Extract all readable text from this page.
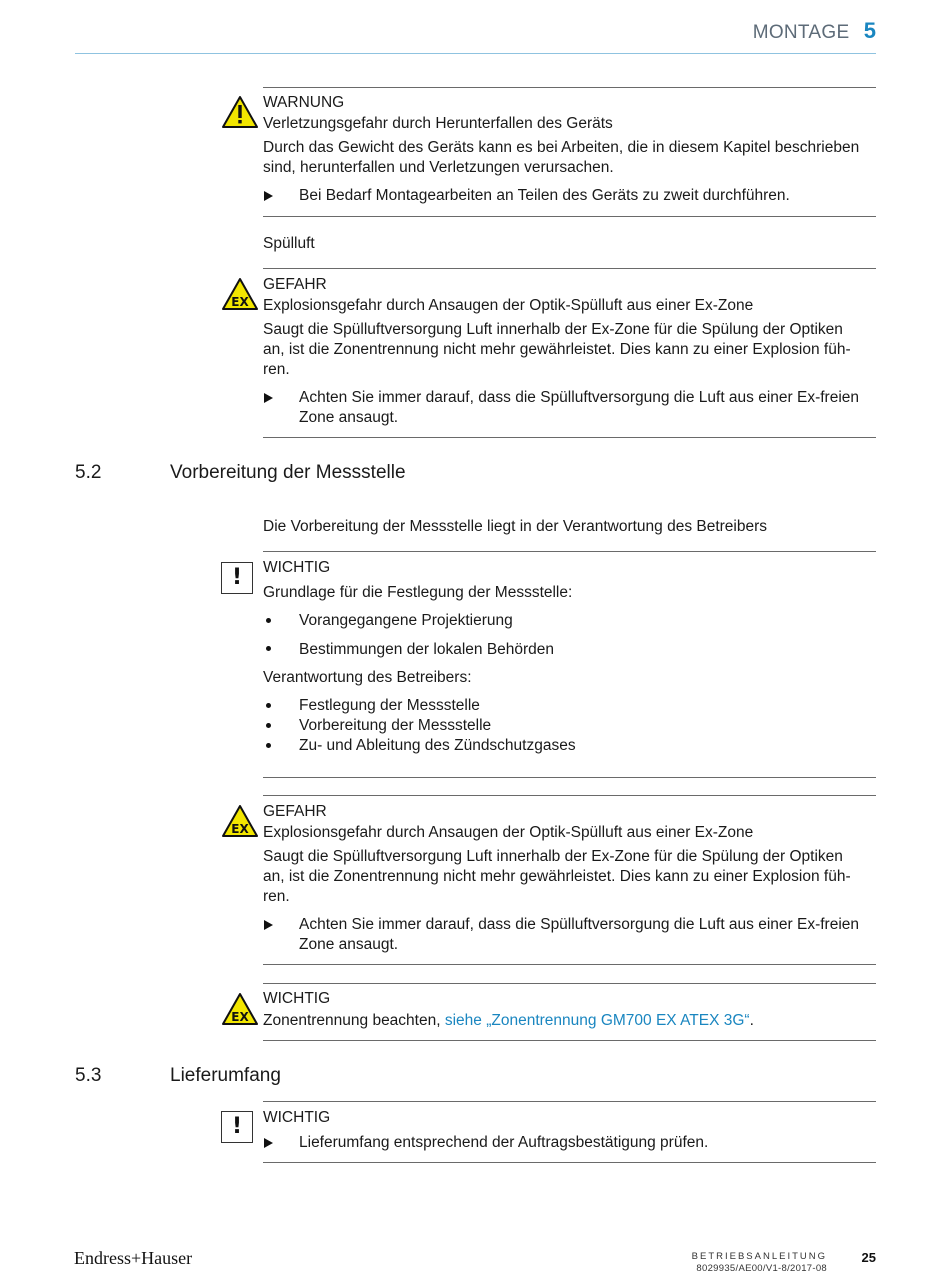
MONTAGE 5
WARNUNG
Verletzungsgefahr durch Herunterfallen des Geräts
Durch das Gewicht des Geräts kann es bei Arbeiten, die in diesem Kapitel beschrieben
sind, herunterfallen und Verletzungen verursachen.
Bei Bedarf Montagearbeiten an Teilen des Geräts zu zweit durchführen.
Spülluft
EX
GEFAHR
Explosionsgefahr durch Ansaugen der Optik-Spülluft aus einer Ex-Zone
Saugt die Spülluftversorgung Luft innerhalb der Ex-Zone für die Spülung der Optiken
an, ist die Zonentrennung nicht mehr gewährleistet. Dies kann zu einer Explosion füh-
ren.
Achten Sie immer darauf, dass die Spülluftversorgung die Luft aus einer Ex-freien
Zone ansaugt.
5.2	Vorbereitung der Messstelle
Die Vorbereitung der Messstelle liegt in der Verantwortung des Betreibers
!	WICHTIG
Grundlage für die Festlegung der Messstelle:
Vorangegangene Projektierung
Bestimmungen der lokalen Behörden
Verantwortung des Betreibers:
Festlegung der Messstelle
Vorbereitung der Messstelle
Zu- und Ableitung des Zündschutzgases
EX
GEFAHR
Explosionsgefahr durch Ansaugen der Optik-Spülluft aus einer Ex-Zone
Saugt die Spülluftversorgung Luft innerhalb der Ex-Zone für die Spülung der Optiken
an, ist die Zonentrennung nicht mehr gewährleistet. Dies kann zu einer Explosion füh-
ren.
Achten Sie immer darauf, dass die Spülluftversorgung die Luft aus einer Ex-freien
Zone ansaugt.
EX
WICHTIG
Zonentrennung beachten, siehe „Zonentrennung GM700 EX ATEX 3G“.
5.3	Lieferumfang
!	WICHTIG
Lieferumfang entsprechend der Auftragsbestätigung prüfen.
Endress+Hauser	BETRIEBSANLEITUNG
8029935/AE00/V1-8/2017-08
25
